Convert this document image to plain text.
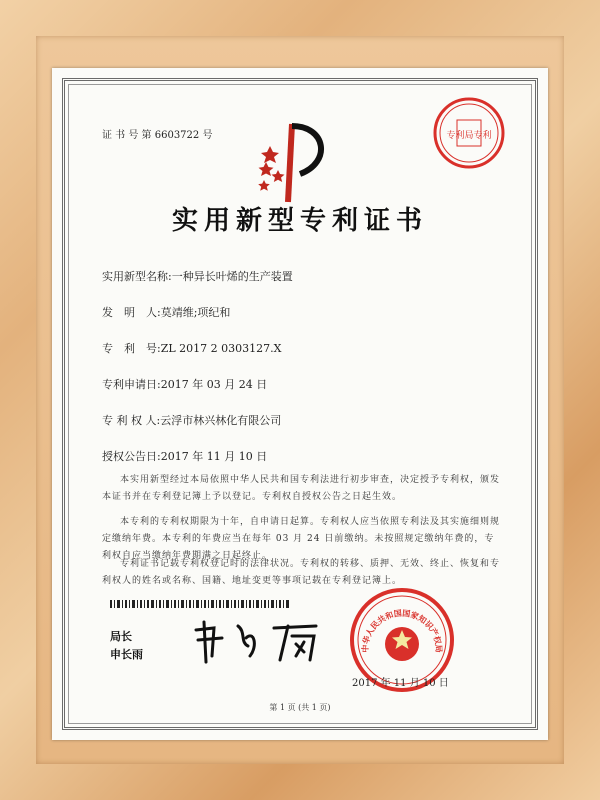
证 书 号 第 6603722 号	专利局专利
实用新型专利证书
实用新型名称:一种异长叶烯的生产装置
发　明　人:莫靖维;项纪和
专　利　号:ZL 2017 2 0303127.X
专利申请日:2017 年 03 月 24 日
专 利 权 人:云浮市林兴林化有限公司
授权公告日:2017 年 11 月 10 日
本实用新型经过本局依照中华人民共和国专利法进行初步审查，决定授予专利权，颁发本证书并在专利登记簿上予以登记。专利权自授权公告之日起生效。
本专利的专利权期限为十年，自申请日起算。专利权人应当依照专利法及其实施细则规定缴纳年费。本专利的年费应当在每年 03 月 24 日前缴纳。未按照规定缴纳年费的，专利权自应当缴纳年费期满之日起终止。
专利证书记载专利权登记时的法律状况。专利权的转移、质押、无效、终止、恢复和专利权人的姓名或名称、国籍、地址变更等事项记载在专利登记簿上。
局长
申长雨	中华人民共和国国家知识产权局
2017 年 11 月 10 日
第 1 页 (共 1 页)
